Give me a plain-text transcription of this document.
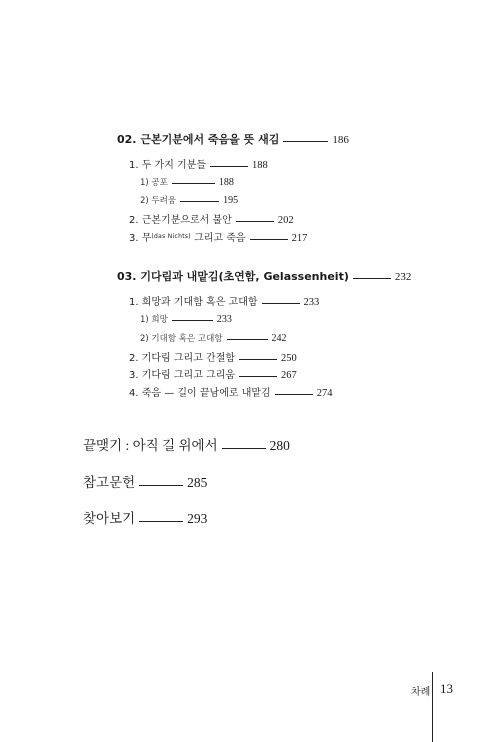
02. 근본기분에서 죽음을 뜻 새김	186
1. 두 가지 기분들	188
1) 공포	188
2) 두려움	195
2. 근본기분으로서 불안	202
3. 무 (das Nichts) 그리고 죽음	217
03. 기다림과 내맡김(초연함, Gelassenheit)	232
1. 희망과 기대함 혹은 고대함	233
1) 희망	233
2) 기대함 혹은 고대함	242
2. 기다림 그리고 간절함	250
3. 기다림 그리고 그리움	267
4. 죽음 — 길이 끝남에로 내맡김	274
끝맺기 : 아직 길 위에서	280
참고문헌	285
찾아보기	293
차례 13
